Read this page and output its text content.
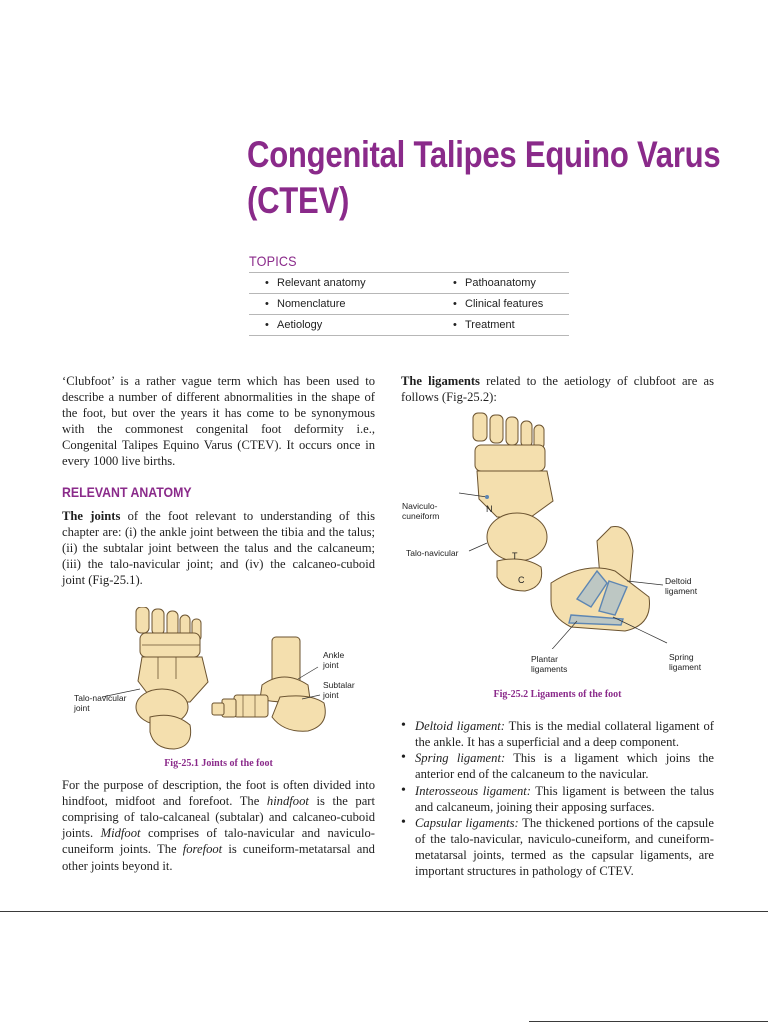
Congenital Talipes Equino Varus
(CTEV)
TOPICS
• Relevant anatomy	• Pathoanatomy
• Nomenclature	• Clinical features
• Aetiology	• Treatment

‘Clubfoot’ is a rather vague term which has been used to describe a number of different abnormalities in the shape of the foot, but over the years it has come to be synonymous with the commonest congenital foot deformity i.e., Congenital Talipes Equino Varus (CTEV). It occurs once in every 1000 live births.

RELEVANT ANATOMY

The joints of the foot relevant to understanding of this chapter are: (i) the ankle joint between the tibia and the talus; (ii) the subtalar joint between the talus and the calcaneum; (iii) the talo-navicular joint; and (iv) the calcaneo-cuboid joint (Fig-25.1).

Ankle
joint
Subtalar
joint
Talo-navicular
joint
Fig-25.1 Joints of the foot

For the purpose of description, the foot is often divided into hindfoot, midfoot and forefoot. The hindfoot is the part comprising of talo-calcaneal (subtalar) and calcaneo-cuboid joints. Midfoot comprises of talo-navicular and naviculo-cuneiform joints. The forefoot is cuneiform-metatarsal and other joints beyond it.

The ligaments related to the aetiology of clubfoot are as follows (Fig-25.2):

Naviculo-
cuneiform
Talo-navicular
Deltoid
ligament
Spring
ligament
Plantar
ligaments
N
T
C
Fig-25.2 Ligaments of the foot
• Deltoid ligament: This is the medial collateral ligament of the ankle. It has a superficial and a deep component.
• Spring ligament: This is a ligament which joins the anterior end of the calcaneum to the navicular.
• Interosseous ligament: This ligament is between the talus and calcaneum, joining their apposing surfaces.
• Capsular ligaments: The thickened portions of the capsule of the talo-navicular, naviculo-cuneiform, and cuneiform-metatarsal joints, termed as the capsular ligaments, are important structures in pathology of CTEV.
